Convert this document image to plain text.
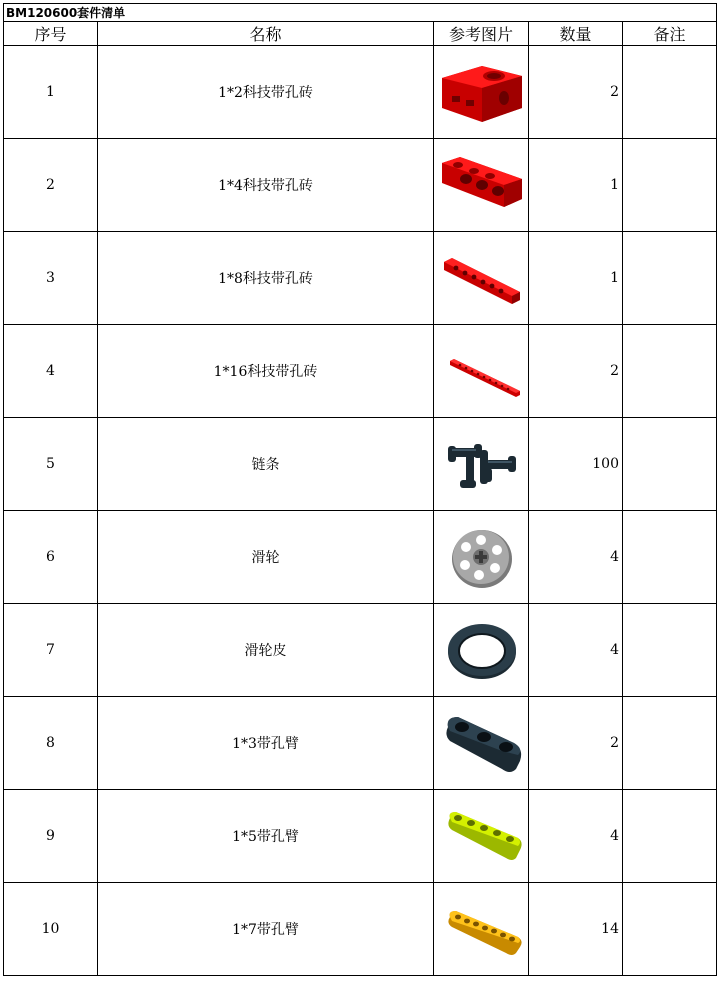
BM120600套件清单				
序号	名称	参考图片	数量	备注
1	1*2科技带孔砖		2	
2	1*4科技带孔砖		1	
3	1*8科技带孔砖		1	
4	1*16科技带孔砖		2	
5	链条		100	
6	滑轮		4	
7	滑轮皮		4	
8	1*3带孔臂		2	
9	1*5带孔臂		4	
10	1*7带孔臂		14	
